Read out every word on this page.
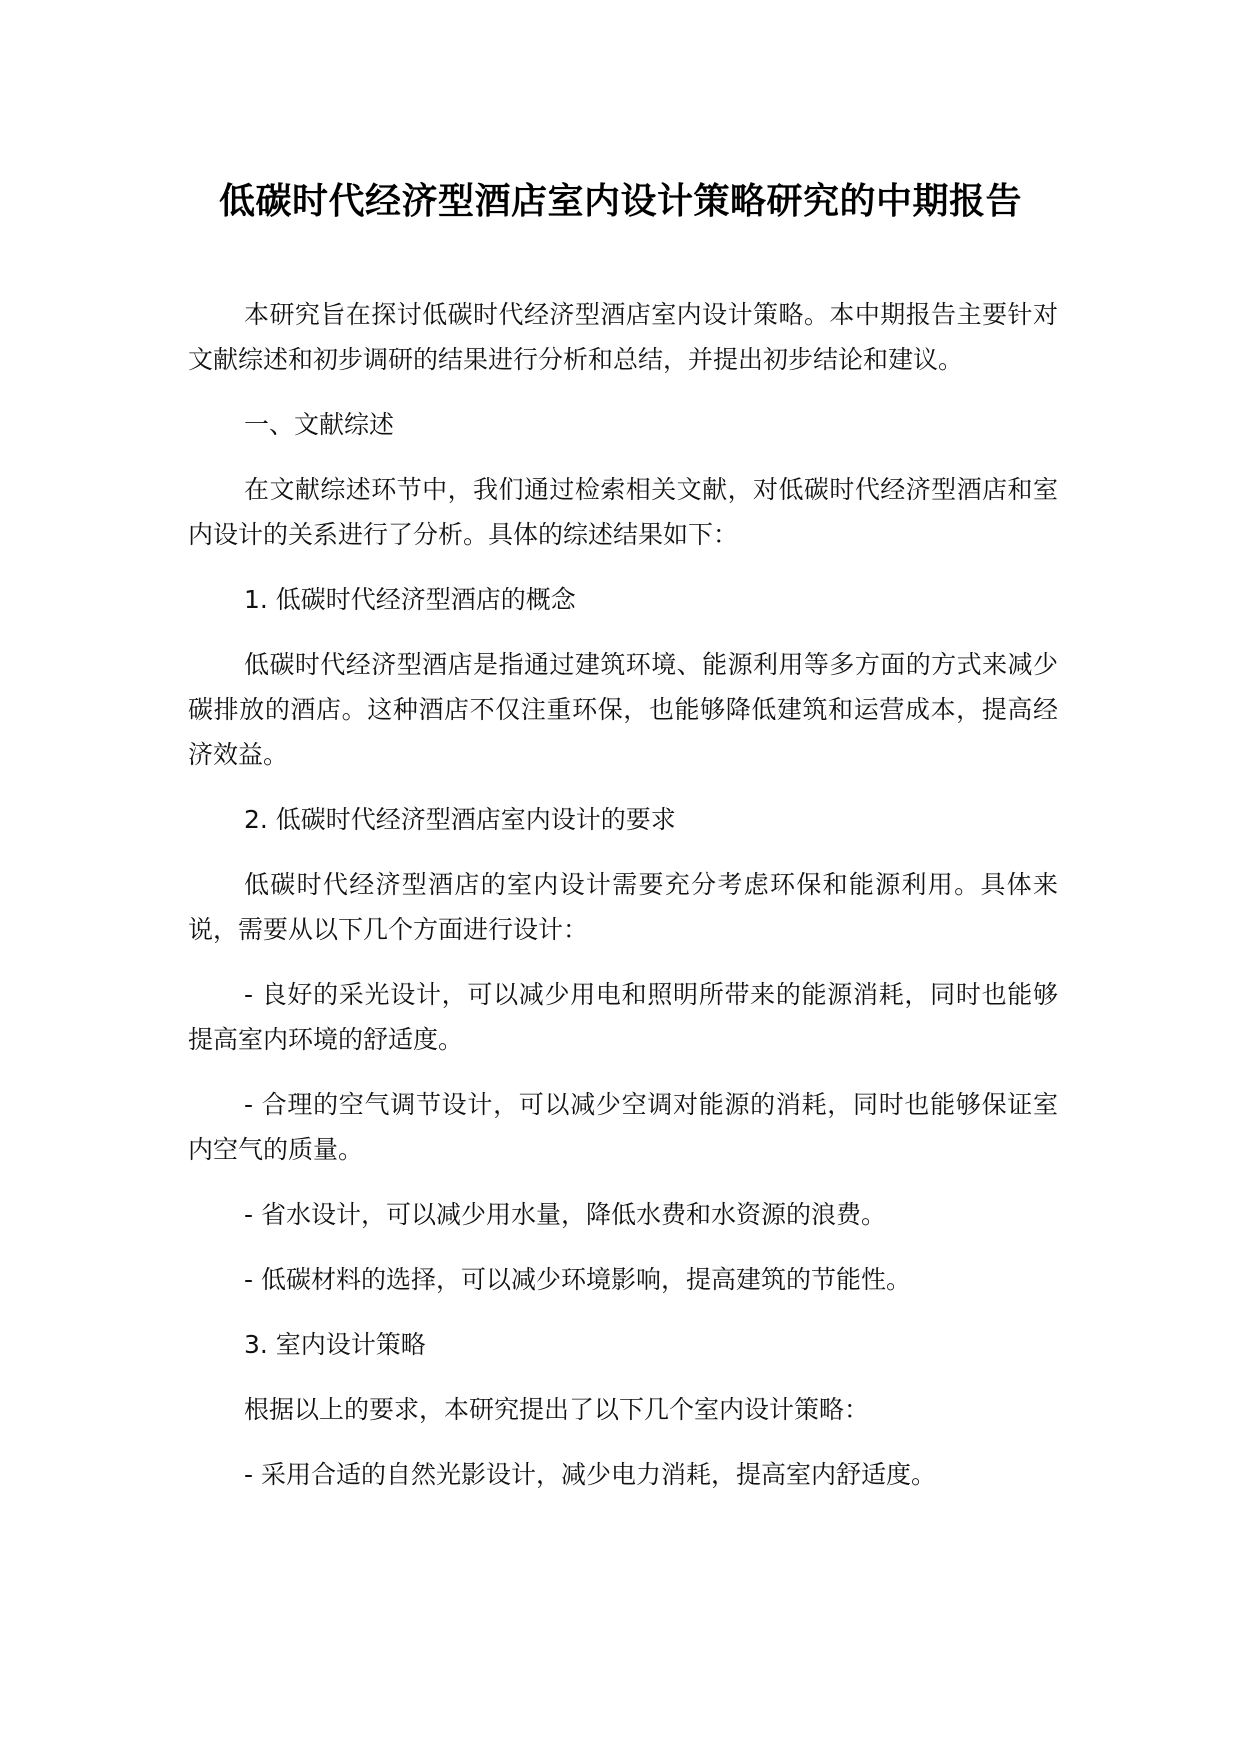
低碳时代经济型酒店室内设计策略研究的中期报告

本研究旨在探讨低碳时代经济型酒店室内设计策略。本中期报告主要针对文献综述和初步调研的结果进行分析和总结，并提出初步结论和建议。

一、文献综述

在文献综述环节中，我们通过检索相关文献，对低碳时代经济型酒店和室内设计的关系进行了分析。具体的综述结果如下：

1. 低碳时代经济型酒店的概念

低碳时代经济型酒店是指通过建筑环境、能源利用等多方面的方式来减少碳排放的酒店。这种酒店不仅注重环保，也能够降低建筑和运营成本，提高经济效益。

2. 低碳时代经济型酒店室内设计的要求

低碳时代经济型酒店的室内设计需要充分考虑环保和能源利用。具体来说，需要从以下几个方面进行设计：

- 良好的采光设计，可以减少用电和照明所带来的能源消耗，同时也能够提高室内环境的舒适度。

- 合理的空气调节设计，可以减少空调对能源的消耗，同时也能够保证室内空气的质量。

- 省水设计，可以减少用水量，降低水费和水资源的浪费。

- 低碳材料的选择，可以减少环境影响，提高建筑的节能性。

3. 室内设计策略

根据以上的要求，本研究提出了以下几个室内设计策略：

- 采用合适的自然光影设计，减少电力消耗，提高室内舒适度。
